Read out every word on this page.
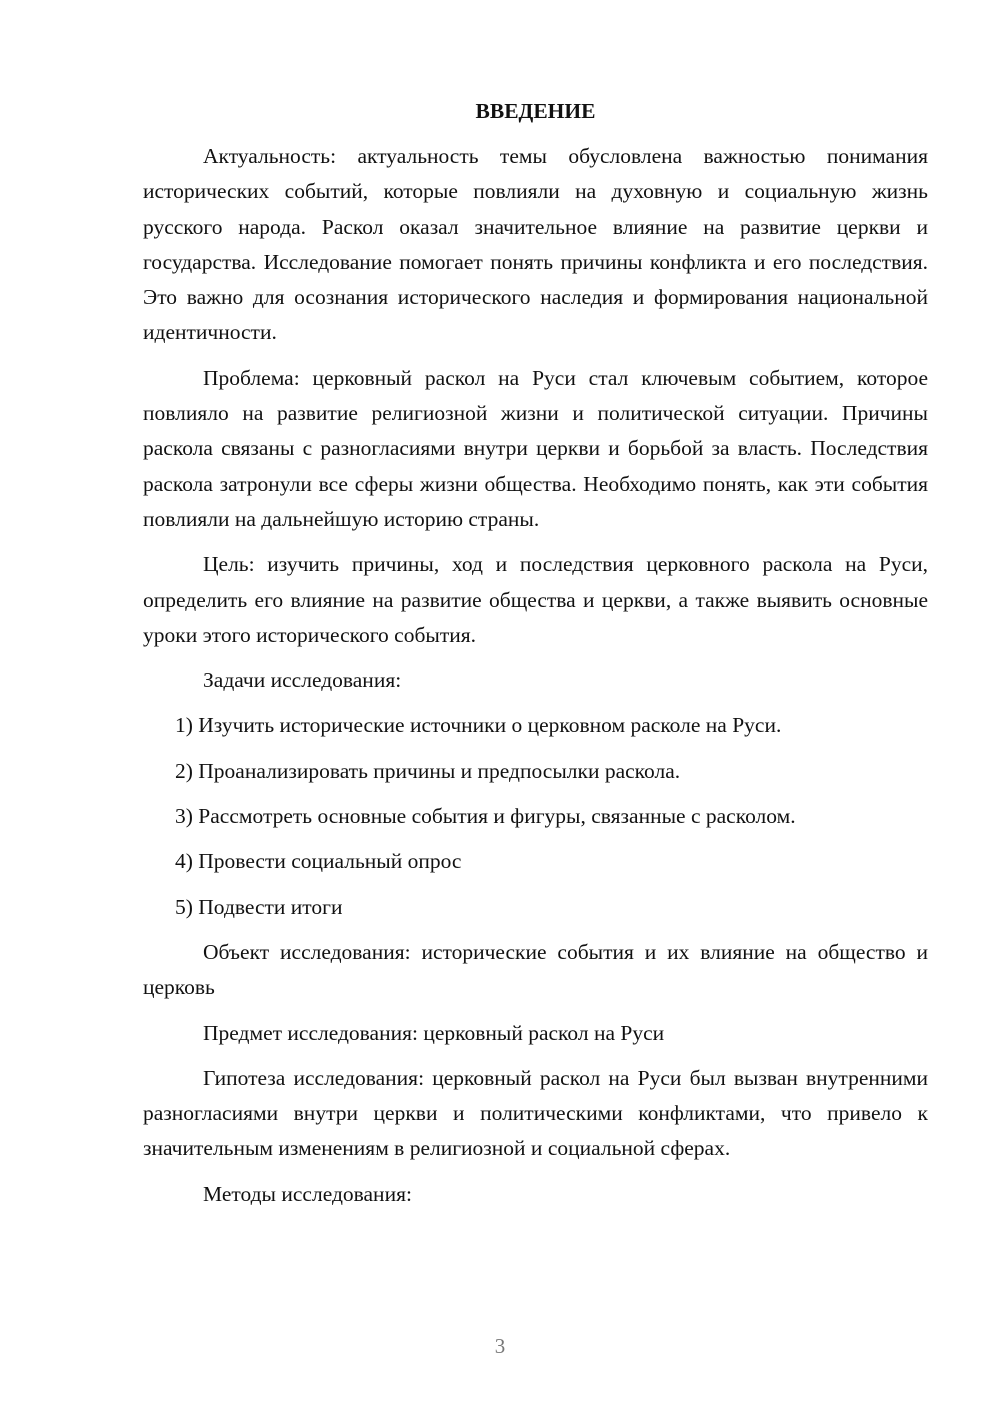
ВВЕДЕНИЕ

Актуальность: актуальность темы обусловлена важностью понимания исторических событий, которые повлияли на духовную и социальную жизнь русского народа. Раскол оказал значительное влияние на развитие церкви и государства. Исследование помогает понять причины конфликта и его последствия. Это важно для осознания исторического наследия и формирования национальной идентичности.

Проблема: церковный раскол на Руси стал ключевым событием, которое повлияло на развитие религиозной жизни и политической ситуации. Причины раскола связаны с разногласиями внутри церкви и борьбой за власть. Последствия раскола затронули все сферы жизни общества. Необходимо понять, как эти события повлияли на дальнейшую историю страны.

Цель: изучить причины, ход и последствия церковного раскола на Руси, определить его влияние на развитие общества и церкви, а также выявить основные уроки этого исторического события.

Задачи исследования:

1) Изучить исторические источники о церковном расколе на Руси.
2) Проанализировать причины и предпосылки раскола.
3) Рассмотреть основные события и фигуры, связанные с расколом.
4) Провести социальный опрос
5) Подвести итоги

Объект исследования: исторические события и их влияние на общество и церковь

Предмет исследования: церковный раскол на Руси

Гипотеза исследования: церковный раскол на Руси был вызван внутренними разногласиями внутри церкви и политическими конфликтами, что привело к значительным изменениям в религиозной и социальной сферах.

Методы исследования:

3
